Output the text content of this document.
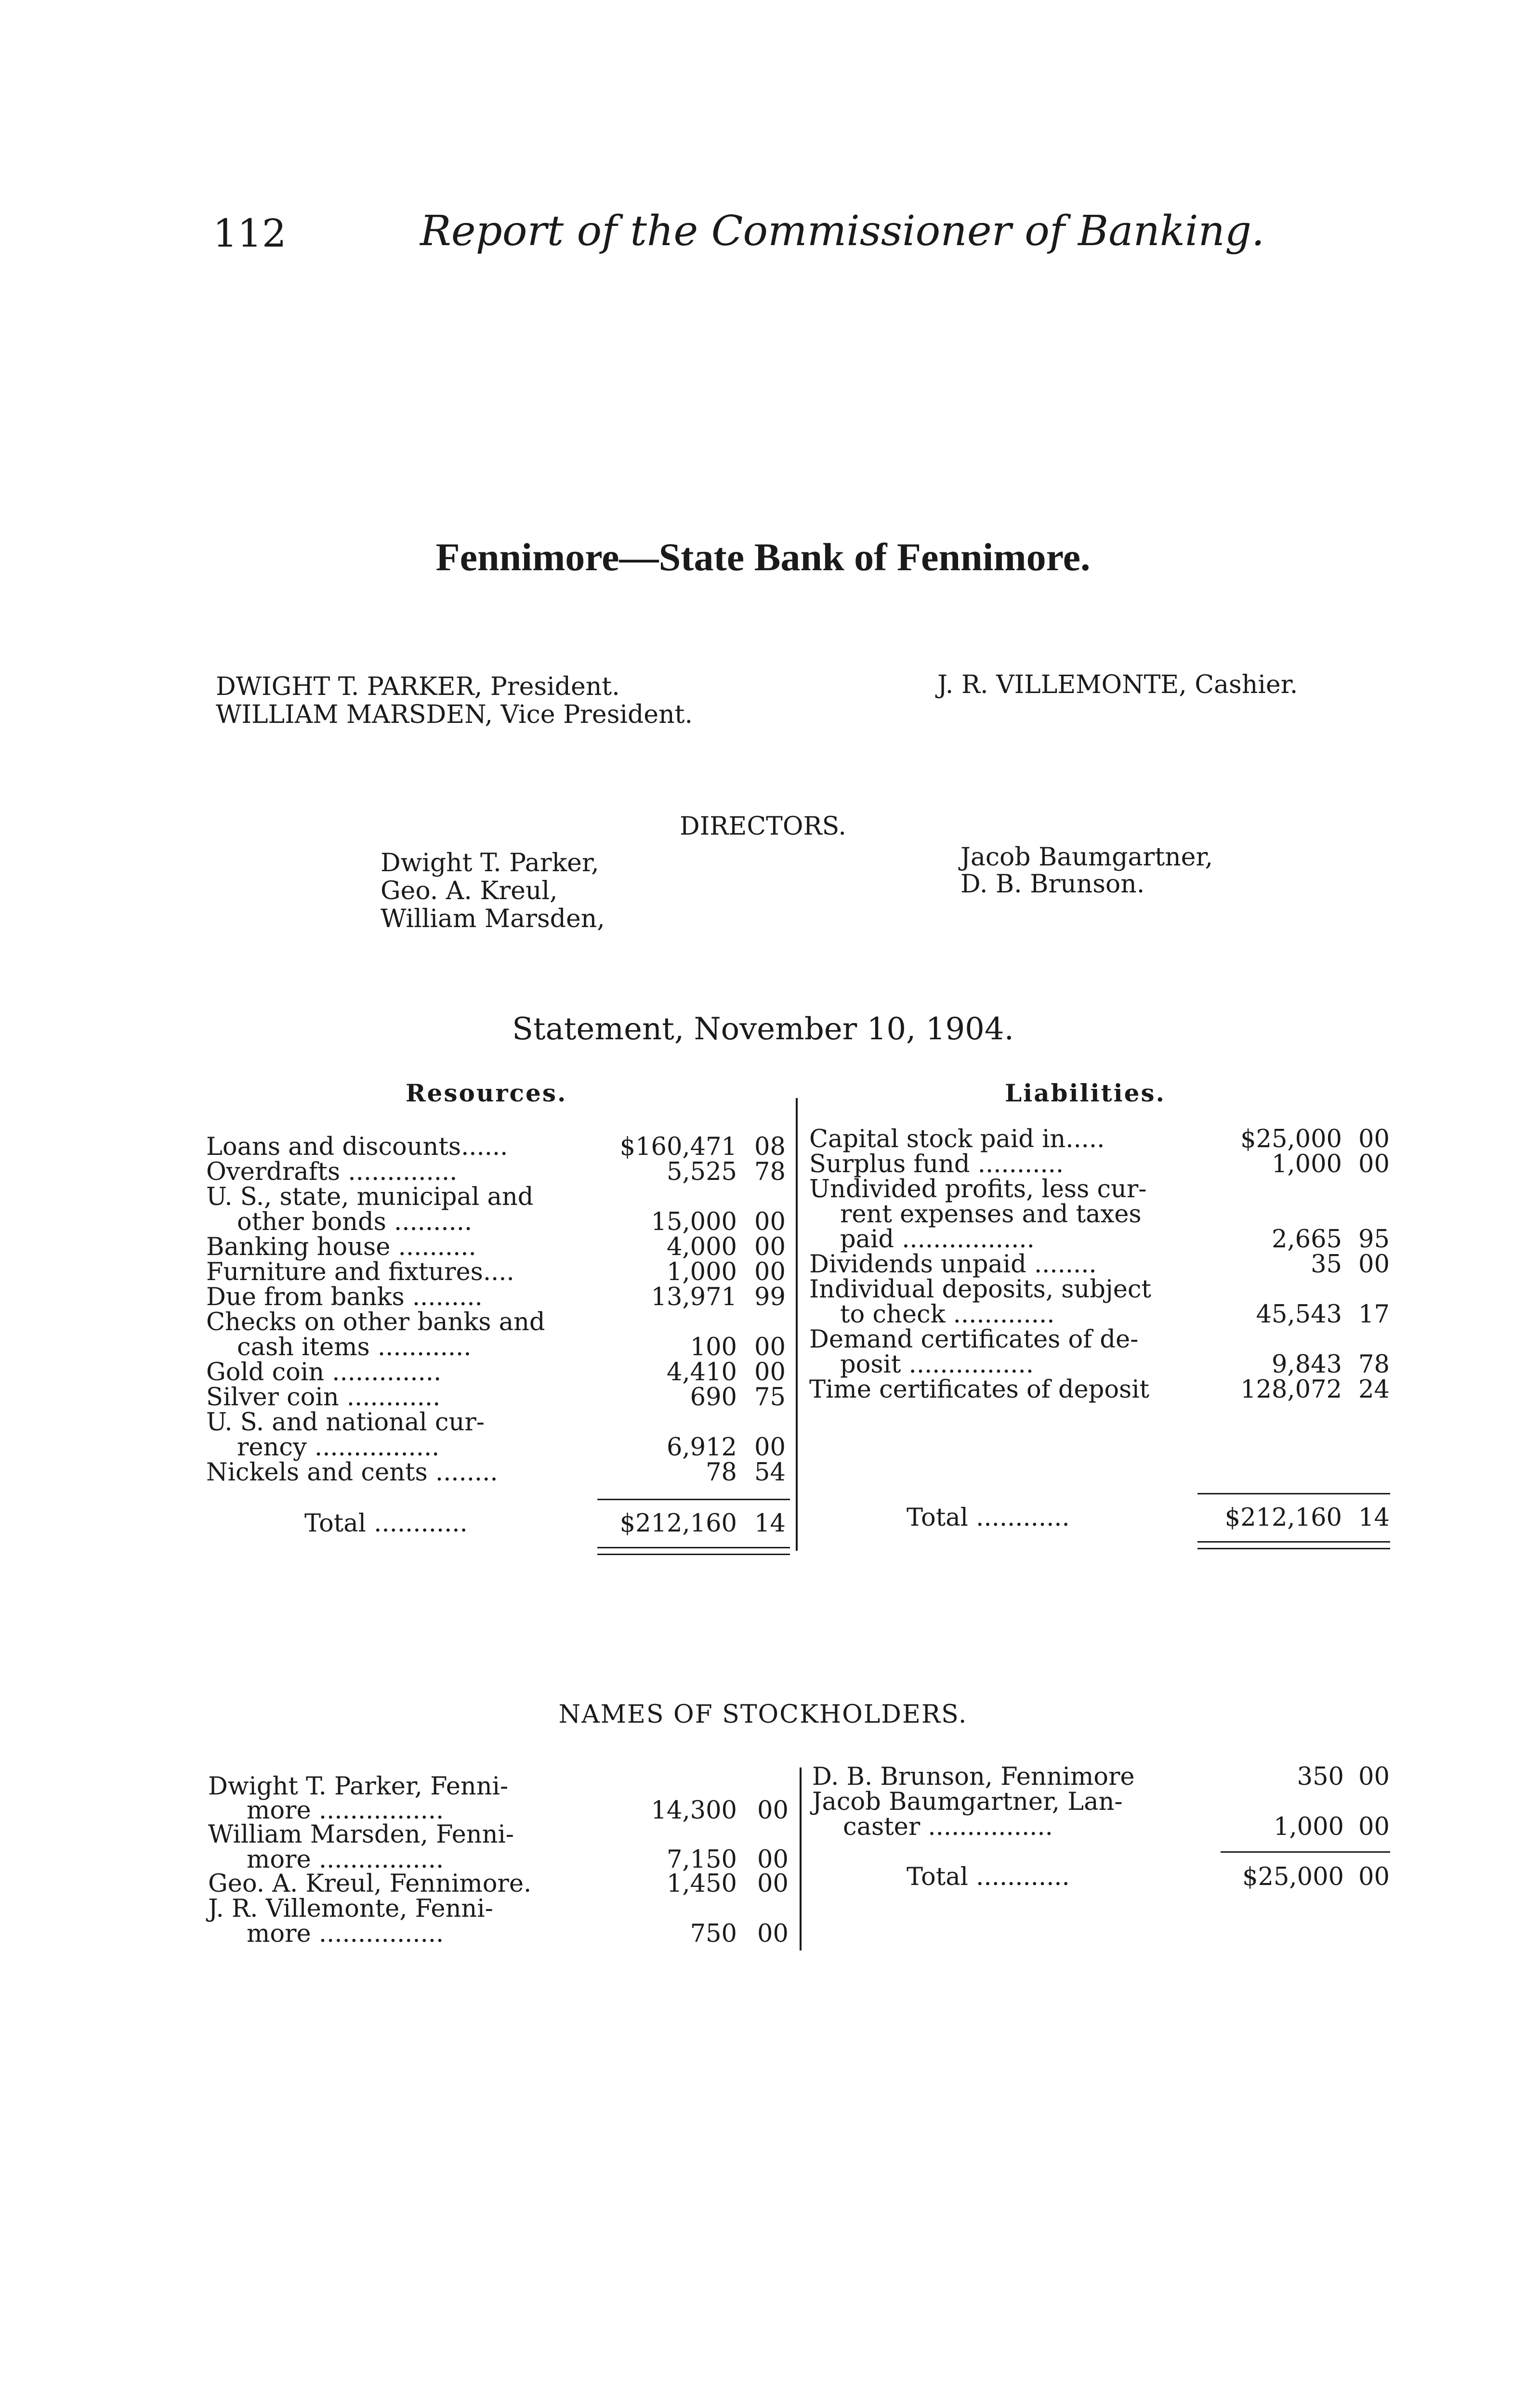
112	Report of the Commissioner of Banking.
Fennimore—State Bank of Fennimore.
DWIGHT T. PARKER, President.
WILLIAM MARSDEN, Vice President.
J. R. VILLEMONTE, Cashier.
DIRECTORS.
Dwight T. Parker,
Geo. A. Kreul,
William Marsden,
Jacob Baumgartner,
D. B. Brunson.
Statement, November 10, 1904.
Resources.	Liabilities.
Loans and discounts......	$160,471 08
Overdrafts ..............	5,525 78
U. S., state, municipal and
other bonds ..........	15,000 00
Banking house ..........	4,000 00
Furniture and fixtures....	1,000 00
Due from banks .........	13,971 99
Checks on other banks and
cash items ............	100 00
Gold coin ..............	4,410 00
Silver coin ............	690 75
U. S. and national cur-
rency ................	6,912 00
Nickels and cents ........	78 54
Capital stock paid in.....	$25,000 00
Surplus fund ...........	1,000 00
Undivided profits, less cur-
rent expenses and taxes
paid .................	2,665 95
Dividends unpaid ........	35 00
Individual deposits, subject
to check .............	45,543 17
Demand certificates of de-
posit ................	9,843 78
Time certificates of deposit	128,072 24
Total ............	$212,160 14	Total ............	$212,160 14
NAMES OF STOCKHOLDERS.
Dwight T. Parker, Fenni-
more ................	14,300 00
William Marsden, Fenni-
more ................	7,150 00
Geo. A. Kreul, Fennimore.	1,450 00
J. R. Villemonte, Fenni-
more ................	750 00
D. B. Brunson, Fennimore	350 00
Jacob Baumgartner, Lan-
caster ................	1,000 00
Total ............	$25,000 00
